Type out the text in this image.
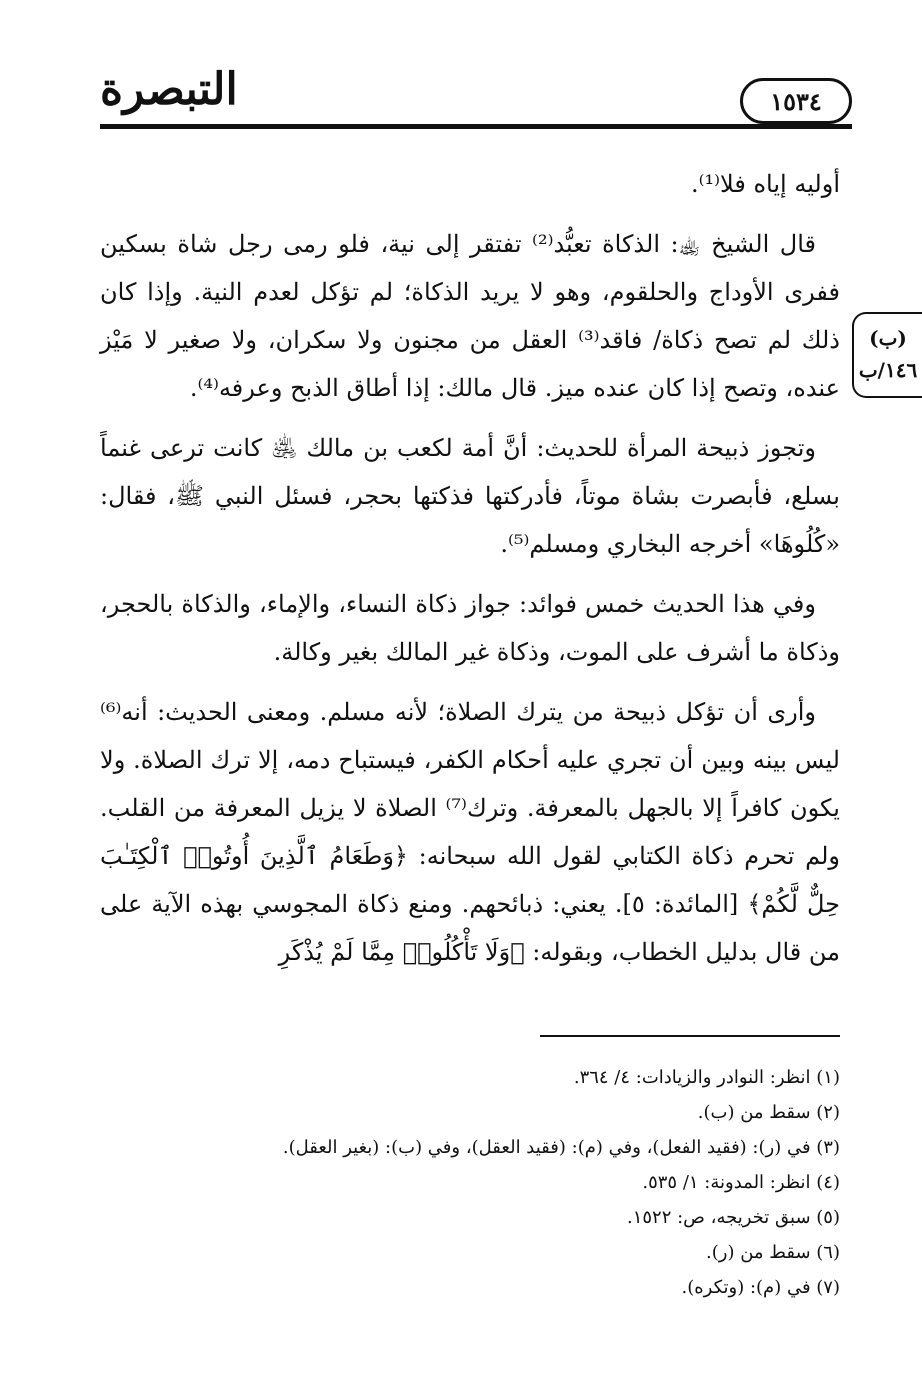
التبصرة	١٥٣٤
(ب)
١٤٦/ب

أوليه إياه فلا⁽¹⁾.

قال الشيخ ﵀: الذكاة تعبُّد⁽²⁾ تفتقر إلى نية، فلو رمى رجل شاة بسكين ففرى الأوداج والحلقوم، وهو لا يريد الذكاة؛ لم تؤكل لعدم النية. وإذا كان ذلك لم تصح ذكاة/ فاقد⁽³⁾ العقل من مجنون ولا سكران، ولا صغير لا مَيْز عنده، وتصح إذا كان عنده ميز. قال مالك: إذا أطاق الذبح وعرفه⁽⁴⁾.

وتجوز ذبيحة المرأة للحديث: أنَّ أمة لكعب بن مالك ﵁ كانت ترعى غنماً بسلع، فأبصرت بشاة موتاً، فأدركتها فذكتها بحجر، فسئل النبي ﷺ، فقال: «كُلُوهَا» أخرجه البخاري ومسلم⁽⁵⁾.

وفي هذا الحديث خمس فوائد: جواز ذكاة النساء، والإماء، والذكاة بالحجر، وذكاة ما أشرف على الموت، وذكاة غير المالك بغير وكالة.

وأرى أن تؤكل ذبيحة من يترك الصلاة؛ لأنه مسلم. ومعنى الحديث: أنه⁽⁶⁾ ليس بينه وبين أن تجري عليه أحكام الكفر، فيستباح دمه، إلا ترك الصلاة. ولا يكون كافراً إلا بالجهل بالمعرفة. وترك⁽⁷⁾ الصلاة لا يزيل المعرفة من القلب. ولم تحرم ذكاة الكتابي لقول الله سبحانه: ﴿وَطَعَامُ ٱلَّذِينَ أُوتُوا۟ ٱلْكِتَـٰبَ حِلٌّ لَّكُمْ﴾ [المائدة: ٥]. يعني: ذبائحهم. ومنع ذكاة المجوسي بهذه الآية على من قال بدليل الخطاب، وبقوله: ﴿وَلَا تَأْكُلُوا۟ مِمَّا لَمْ يُذْكَرِ

(١) انظر: النوادر والزيادات: ٤/ ٣٦٤.
(٢) سقط من (ب).
(٣) في (ر): (فقيد الفعل)، وفي (م): (فقيد العقل)، وفي (ب): (بغير العقل).
(٤) انظر: المدونة: ١/ ٥٣٥.
(٥) سبق تخريجه، ص: ١٥٢٢.
(٦) سقط من (ر).
(٧) في (م): (وتكره).
